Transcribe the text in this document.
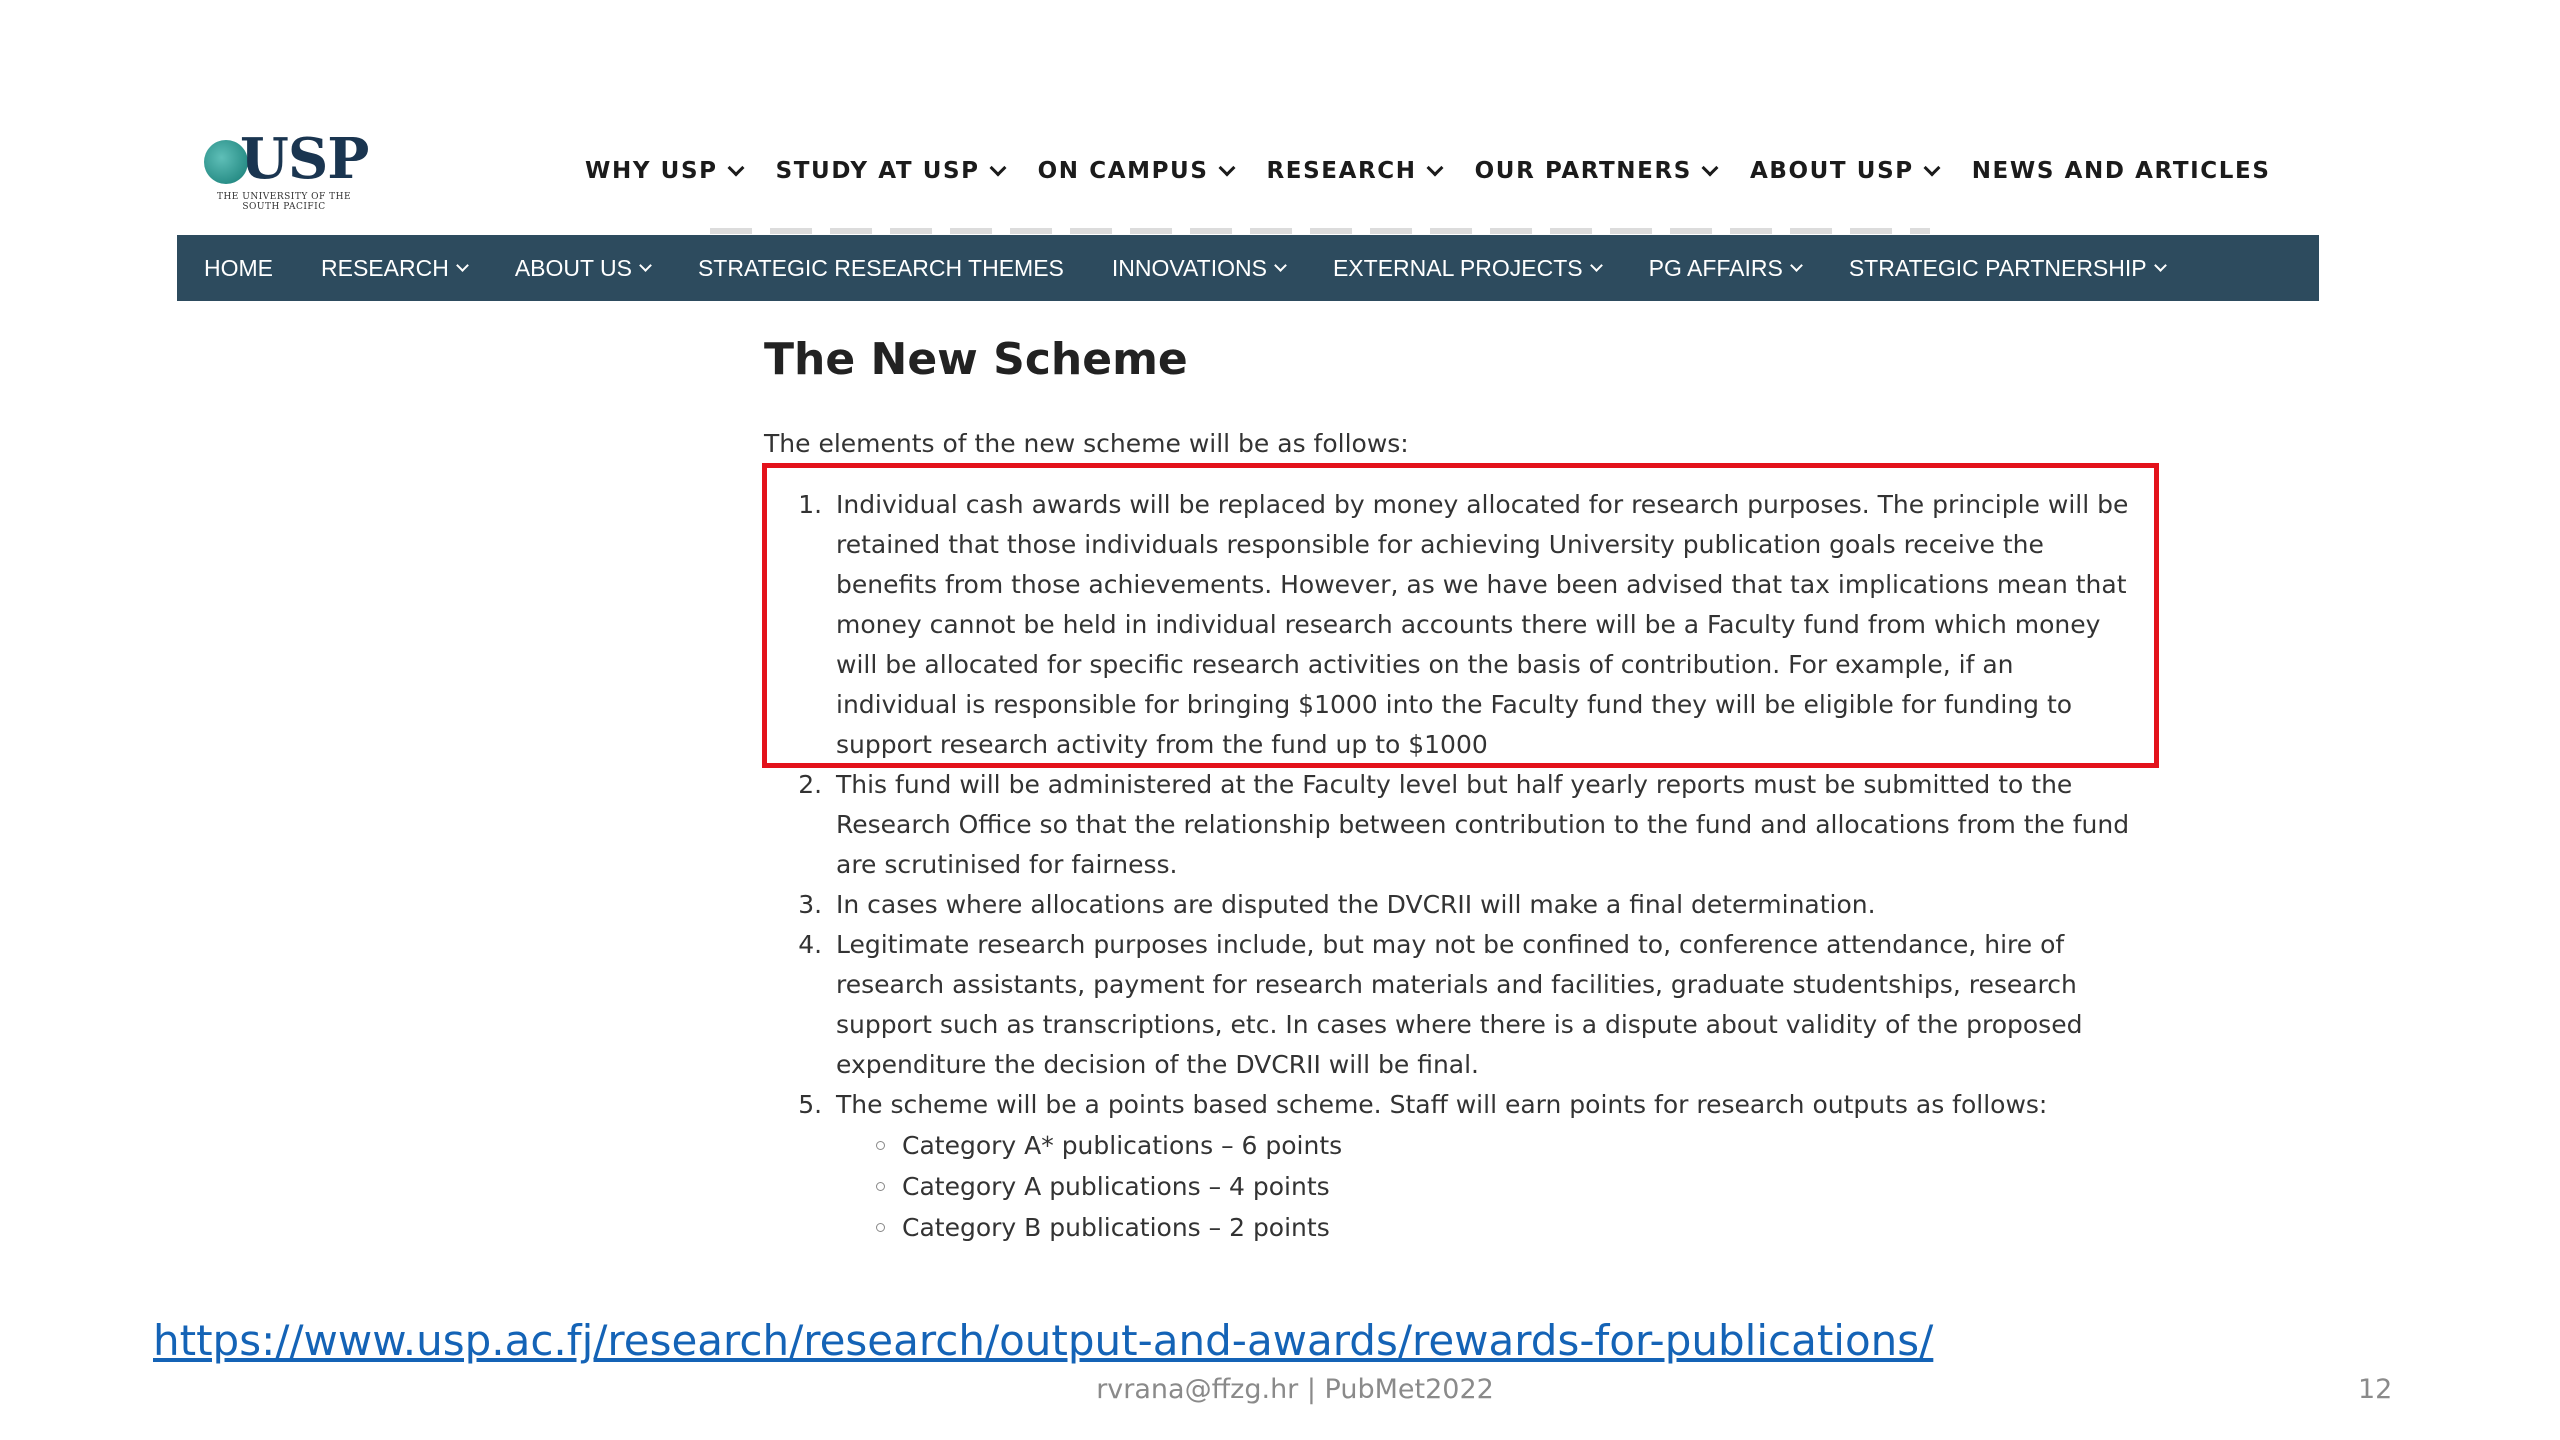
USP
THE UNIVERSITY OF THE SOUTH PACIFIC
WHY USP	STUDY AT USP	ON CAMPUS	RESEARCH	OUR PARTNERS	ABOUT USP	NEWS AND ARTICLES
HOME RESEARCH	ABOUT US	STRATEGIC RESEARCH THEMES INNOVATIONS	EXTERNAL PROJECTS	PG AFFAIRS	STRATEGIC PARTNERSHIP
The New Scheme
The elements of the new scheme will be as follows:
1. Individual cash awards will be replaced by money allocated for research purposes. The principle will be retained that those individuals responsible for achieving University publication goals receive the benefits from those achievements. However, as we have been advised that tax implications mean that money cannot be held in individual research accounts there will be a Faculty fund from which money will be allocated for specific research activities on the basis of contribution. For example, if an individual is responsible for bringing $1000 into the Faculty fund they will be eligible for funding to support research activity from the fund up to $1000
2. This fund will be administered at the Faculty level but half yearly reports must be submitted to the Research Office so that the relationship between contribution to the fund and allocations from the fund are scrutinised for fairness.
3. In cases where allocations are disputed the DVCRII will make a final determination.
4. Legitimate research purposes include, but may not be confined to, conference attendance, hire of research assistants, payment for research materials and facilities, graduate studentships, research support such as transcriptions, etc. In cases where there is a dispute about validity of the proposed expenditure the decision of the DVCRII will be final.
5. The scheme will be a points based scheme. Staff will earn points for research outputs as follows:
Category A* publications – 6 points
Category A publications – 4 points
Category B publications – 2 points
https://www.usp.ac.fj/research/research/output-and-awards/rewards-for-publications/
rvrana@ffzg.hr | PubMet2022	12
